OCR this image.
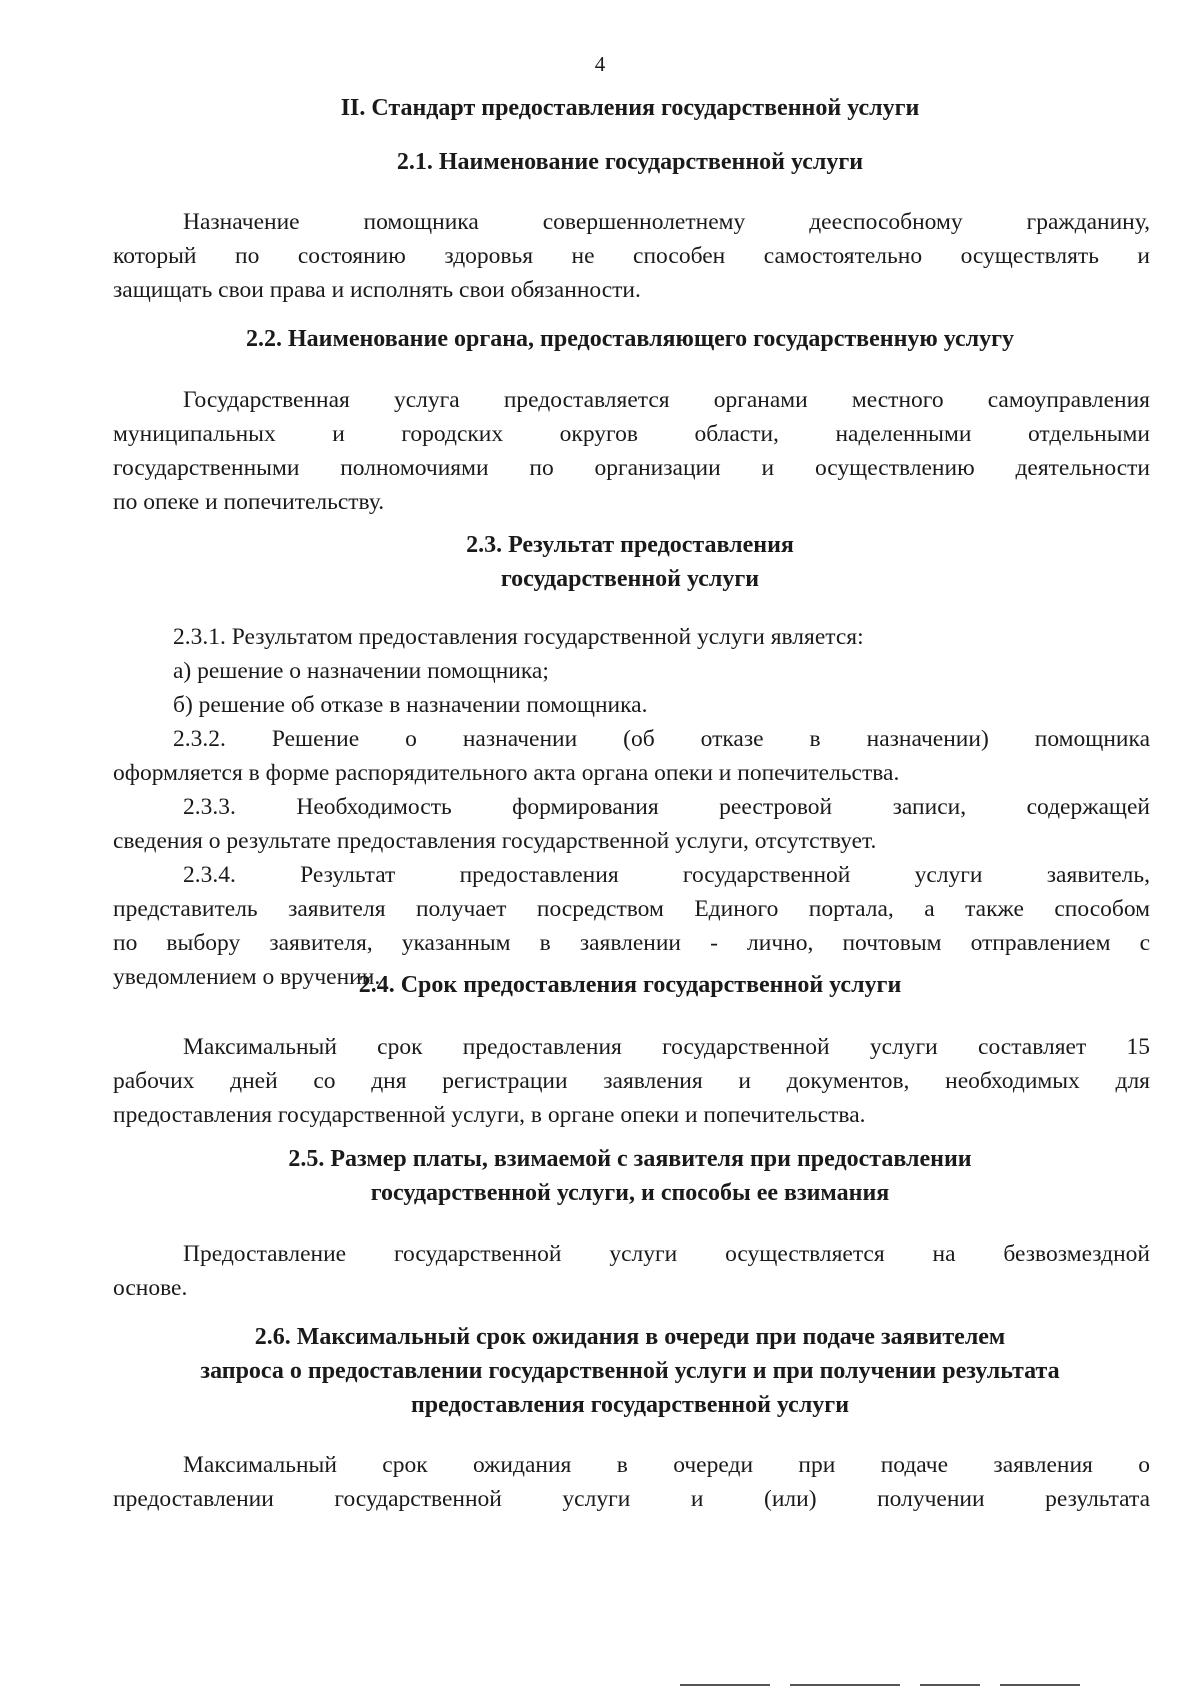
4
II. Стандарт предоставления государственной услуги
2.1. Наименование государственной услуги
Назначение помощника совершеннолетнему дееспособному гражданину,
который по состоянию здоровья не способен самостоятельно осуществлять и
защищать свои права и исполнять свои обязанности.
2.2. Наименование органа, предоставляющего государственную услугу
Государственная услуга предоставляется органами местного самоуправления
муниципальных и городских округов области, наделенными отдельными
государственными полномочиями по организации и осуществлению деятельности
по опеке и попечительству.
2.3. Результат предоставления
государственной услуги
2.3.1. Результатом предоставления государственной услуги является:
а) решение о назначении помощника;
б) решение об отказе в назначении помощника.
2.3.2. Решение о назначении (об отказе в назначении) помощника
оформляется в форме распорядительного акта органа опеки и попечительства.
2.3.3. Необходимость формирования реестровой записи, содержащей
сведения о результате предоставления государственной услуги, отсутствует.
2.3.4. Результат предоставления государственной услуги заявитель,
представитель заявителя получает посредством Единого портала, а также способом
по выбору заявителя, указанным в заявлении - лично, почтовым отправлением с
уведомлением о вручении.
2.4. Срок предоставления государственной услуги
Максимальный срок предоставления государственной услуги составляет 15
рабочих дней со дня регистрации заявления и документов, необходимых для
предоставления государственной услуги, в органе опеки и попечительства.
2.5. Размер платы, взимаемой с заявителя при предоставлении
государственной услуги, и способы ее взимания
Предоставление государственной услуги осуществляется на безвозмездной
основе.
2.6. Максимальный срок ожидания в очереди при подаче заявителем
запроса о предоставлении государственной услуги и при получении результата
предоставления государственной услуги
Максимальный срок ожидания в очереди при подаче заявления о
предоставлении государственной услуги и (или) получении результата
